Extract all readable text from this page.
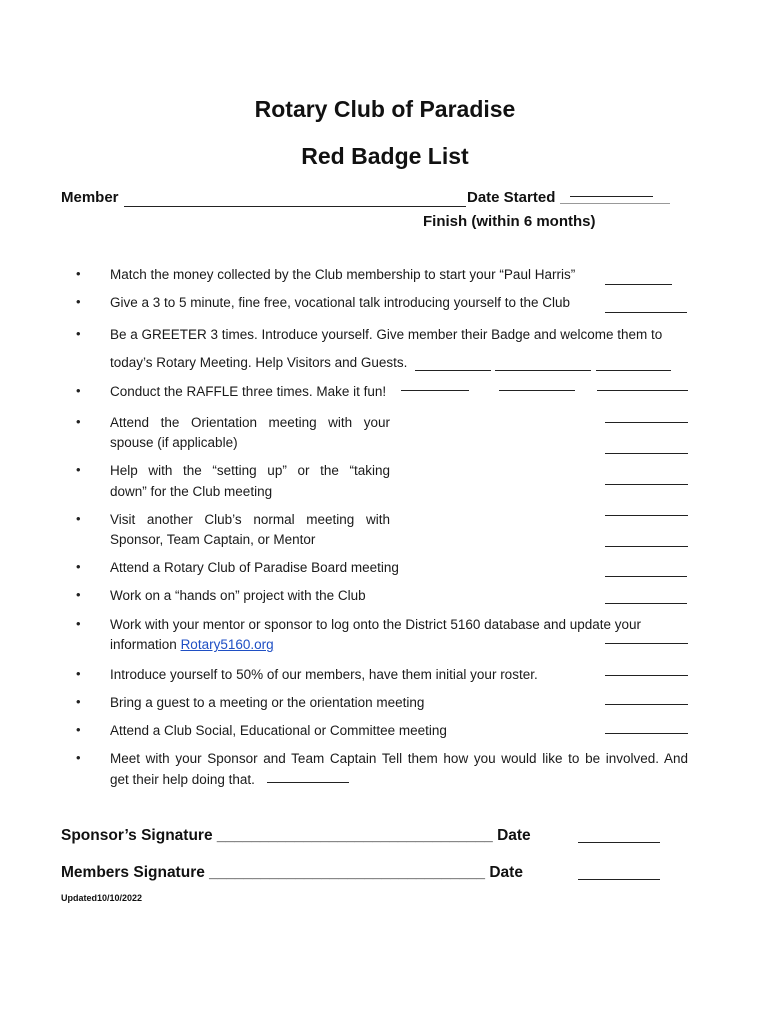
Rotary Club of Paradise
Red Badge List
Member	Date Started
Finish (within 6 months)
• Match the money collected by the Club membership to start your “Paul Harris”
• Give a 3 to 5 minute, fine free, vocational talk introducing yourself to the Club
• Be a GREETER 3 times. Introduce yourself. Give member their Badge and welcome them to
today’s Rotary Meeting. Help Visitors and Guests.
• Conduct the RAFFLE three times. Make it fun!
• Attend the Orientation meeting with your
spouse (if applicable)
• Help with the “setting up” or the “taking
down” for the Club meeting
• Visit another Club’s normal meeting with
Sponsor, Team Captain, or Mentor
• Attend a Rotary Club of Paradise Board meeting
• Work on a “hands on” project with the Club
• Work with your mentor or sponsor to log onto the District 5160 database and update your
information Rotary5160.org
• Introduce yourself to 50% of our members, have them initial your roster.
• Bring a guest to a meeting or the orientation meeting
• Attend a Club Social, Educational or Committee meeting
• Meet with your Sponsor and Team Captain Tell them how you would like to be involved. And
get their help doing that.
Sponsor’s Signature ________________________________ Date
Members Signature ________________________________ Date
Updated10/10/2022
